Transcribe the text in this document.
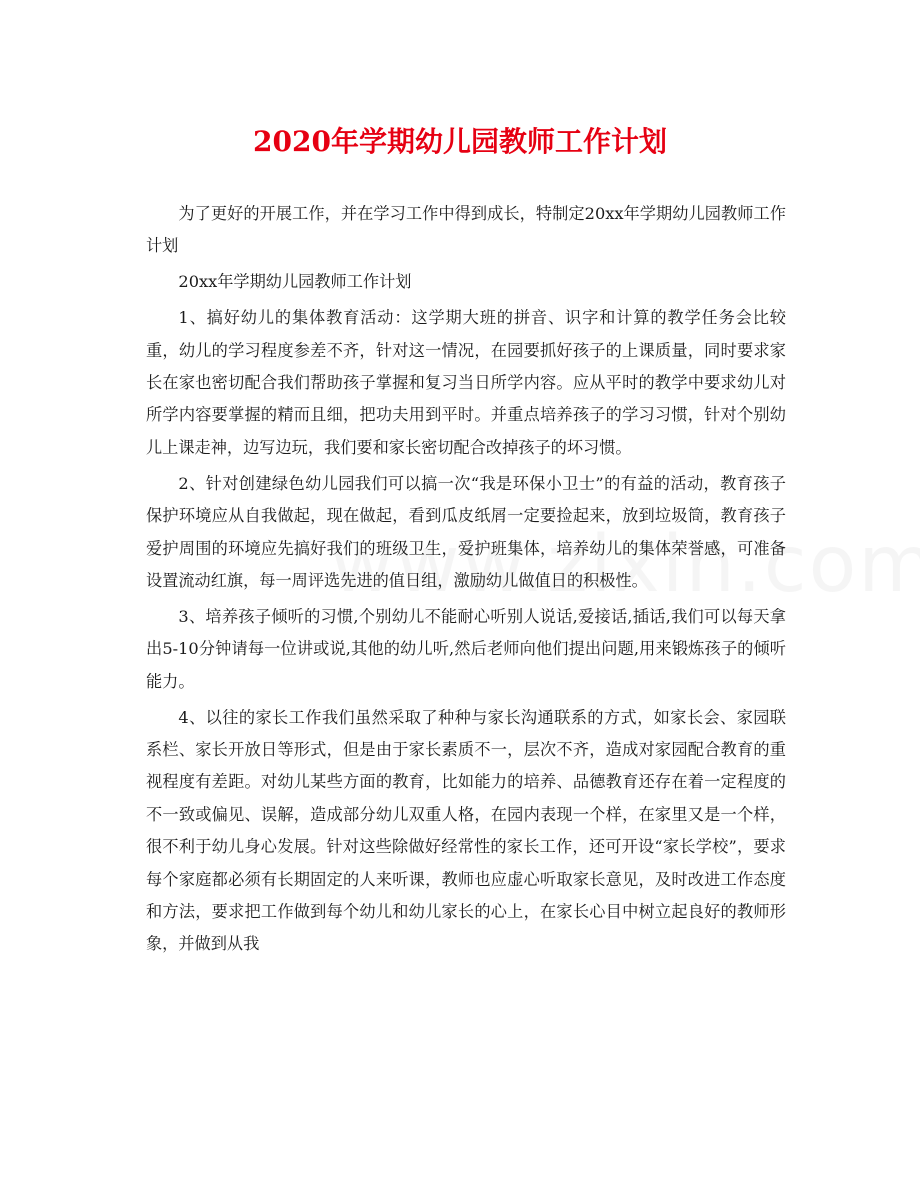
2020年学期幼儿园教师工作计划

为了更好的开展工作，并在学习工作中得到成长，特制定20xx年学期幼儿园教师工作计划

20xx年学期幼儿园教师工作计划

1、搞好幼儿的集体教育活动：这学期大班的拼音、识字和计算的教学任务会比较重，幼儿的学习程度参差不齐，针对这一情况，在园要抓好孩子的上课质量，同时要求家长在家也密切配合我们帮助孩子掌握和复习当日所学内容。应从平时的教学中要求幼儿对所学内容要掌握的精而且细，把功夫用到平时。并重点培养孩子的学习习惯，针对个别幼儿上课走神，边写边玩，我们要和家长密切配合改掉孩子的坏习惯。

2、针对创建绿色幼儿园我们可以搞一次“我是环保小卫士”的有益的活动，教育孩子保护环境应从自我做起，现在做起，看到瓜皮纸屑一定要捡起来，放到垃圾筒，教育孩子爱护周围的环境应先搞好我们的班级卫生，爱护班集体，培养幼儿的集体荣誉感，可准备设置流动红旗，每一周评选先进的值日组，激励幼儿做值日的积极性。

3、培养孩子倾听的习惯,个别幼儿不能耐心听别人说话,爱接话,插话,我们可以每天拿出5-10分钟请每一位讲或说,其他的幼儿听,然后老师向他们提出问题,用来锻炼孩子的倾听能力。

4、以往的家长工作我们虽然采取了种种与家长沟通联系的方式，如家长会、家园联系栏、家长开放日等形式，但是由于家长素质不一，层次不齐，造成对家园配合教育的重视程度有差距。对幼儿某些方面的教育，比如能力的培养、品德教育还存在着一定程度的不一致或偏见、误解，造成部分幼儿双重人格，在园内表现一个样，在家里又是一个样，很不利于幼儿身心发展。针对这些除做好经常性的家长工作，还可开设“家长学校”，要求每个家庭都必须有长期固定的人来听课，教师也应虚心听取家长意见，及时改进工作态度和方法，要求把工作做到每个幼儿和幼儿家长的心上，在家长心目中树立起良好的教师形象，并做到从我
